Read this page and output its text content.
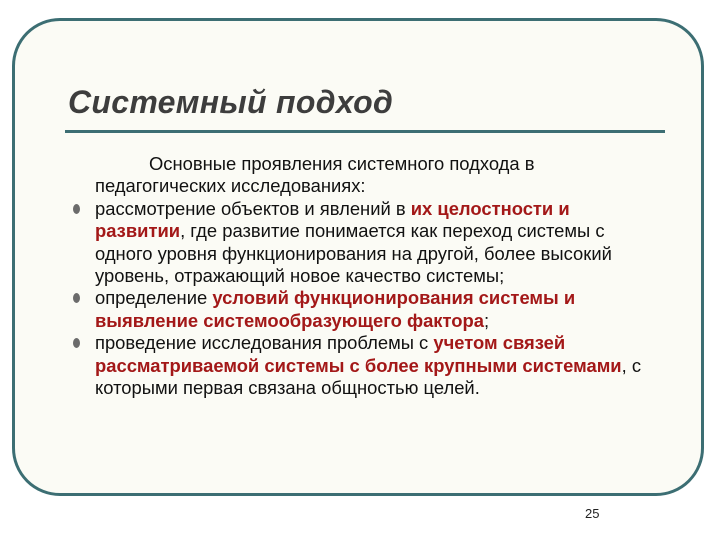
Системный подход

Основные проявления системного подхода в педагогических исследованиях:

рассмотрение объектов и явлений в их целостности и развитии, где развитие понимается как переход системы с одного уровня функционирования на другой, более высокий уровень, отражающий новое качество системы;

определение условий функционирования системы и выявление системообразующего фактора;

проведение исследования проблемы с учетом связей рассматриваемой системы с более крупными системами, с которыми первая связана общностью целей.

25
